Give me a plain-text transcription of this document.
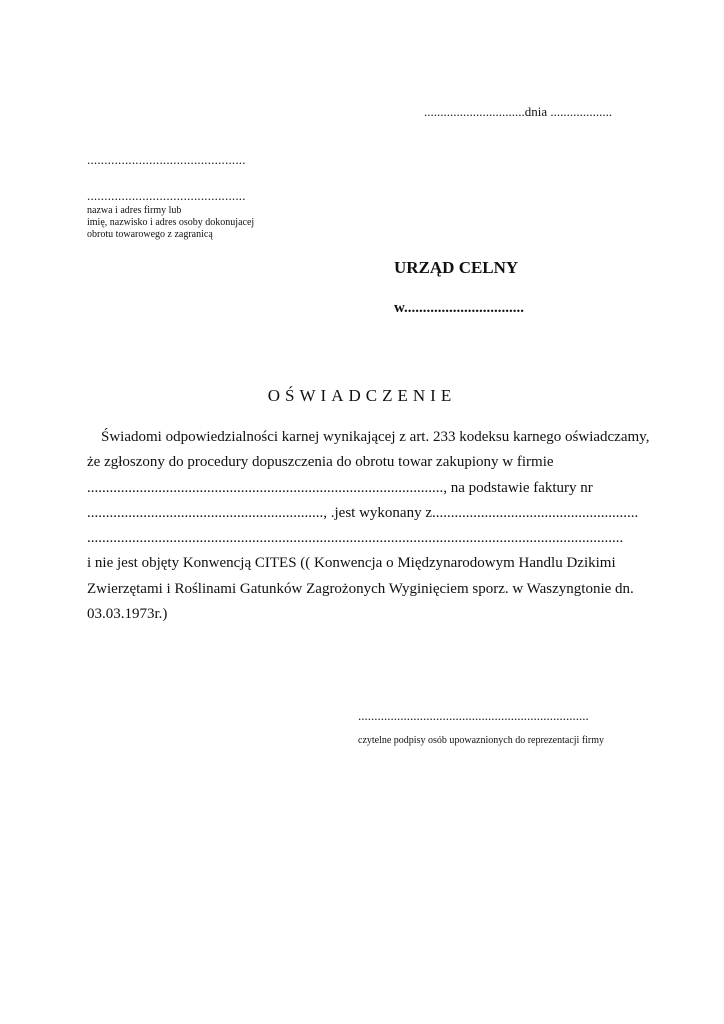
...............................dnia ...................
..............................................
..............................................
nazwa i adres firmy lub
imię, nazwisko i adres osoby dokonujacej
obrotu towarowego z zagranicą
URZĄD CELNY
w................................
OŚWIADCZENIE
Świadomi odpowiedzialności karnej wynikającej z art. 233 kodeksu karnego oświadczamy,
że zgłoszony do procedury dopuszczenia do obrotu towar zakupiony w firmie
..............................................................................................., na podstawie faktury nr
..............................................................., .jest wykonany z.......................................................
...............................................................................................................................................
i nie jest objęty Konwencją CITES (( Konwencja o Międzynarodowym Handlu Dzikimi
Zwierzętami i Roślinami Gatunków Zagrożonych Wyginięciem sporz. w Waszyngtonie dn.
03.03.1973r.)
.......................................................................
czytelne podpisy osób upowaznionych do reprezentacji firmy
